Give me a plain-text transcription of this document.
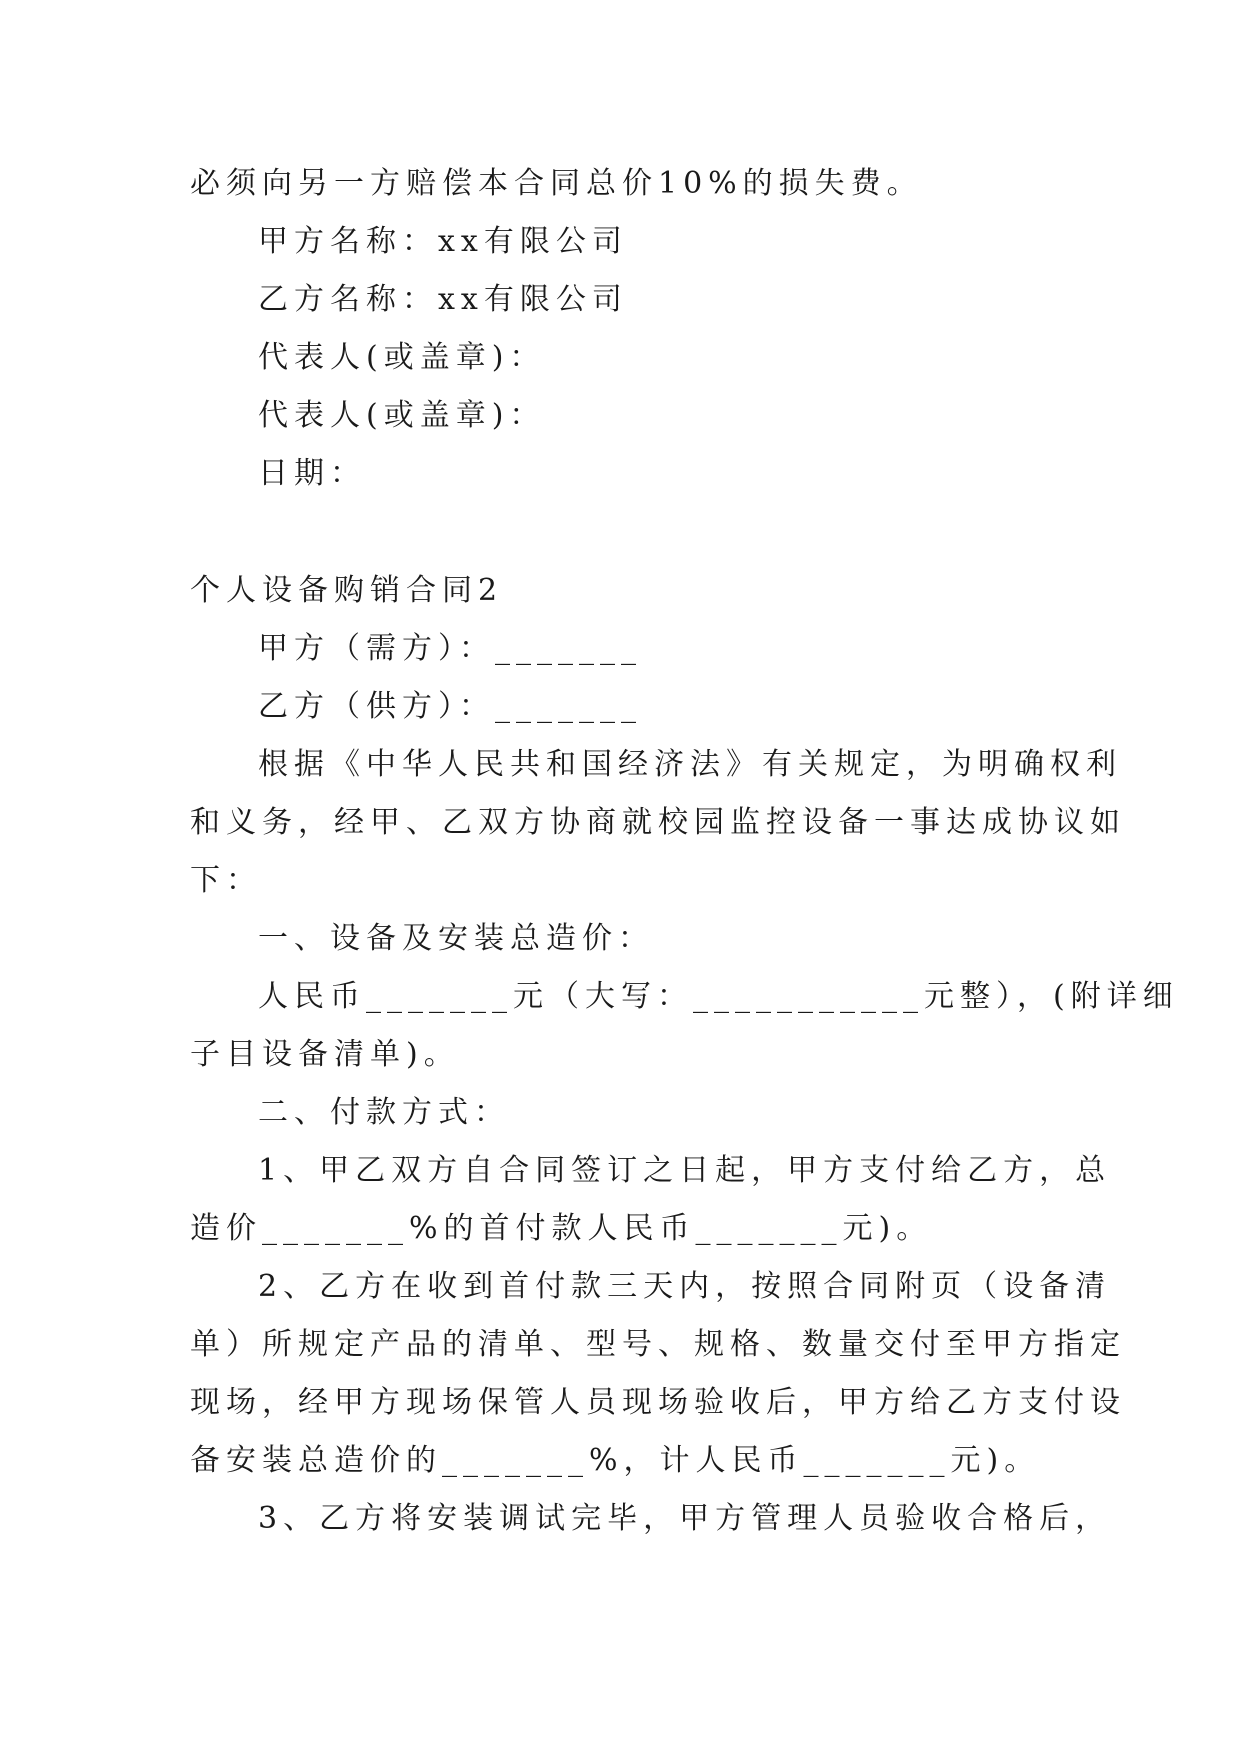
必须向另一方赔偿本合同总价10%的损失费。
甲方名称：xx有限公司
乙方名称：xx有限公司
代表人(或盖章)：
代表人(或盖章)：
日期：
个人设备购销合同2
甲方（需方）：_______
乙方（供方）：_______
根据《中华人民共和国经济法》有关规定，为明确权利
和义务，经甲、乙双方协商就校园监控设备一事达成协议如
下：
一、设备及安装总造价：
人民币_______元（大写：___________元整），(附详细
子目设备清单)。
二、付款方式：
1、甲乙双方自合同签订之日起，甲方支付给乙方，总
造价_______%的首付款人民币_______元)。
2、乙方在收到首付款三天内，按照合同附页（设备清
单）所规定产品的清单、型号、规格、数量交付至甲方指定
现场，经甲方现场保管人员现场验收后，甲方给乙方支付设
备安装总造价的_______%，计人民币_______元)。
3、乙方将安装调试完毕，甲方管理人员验收合格后，
